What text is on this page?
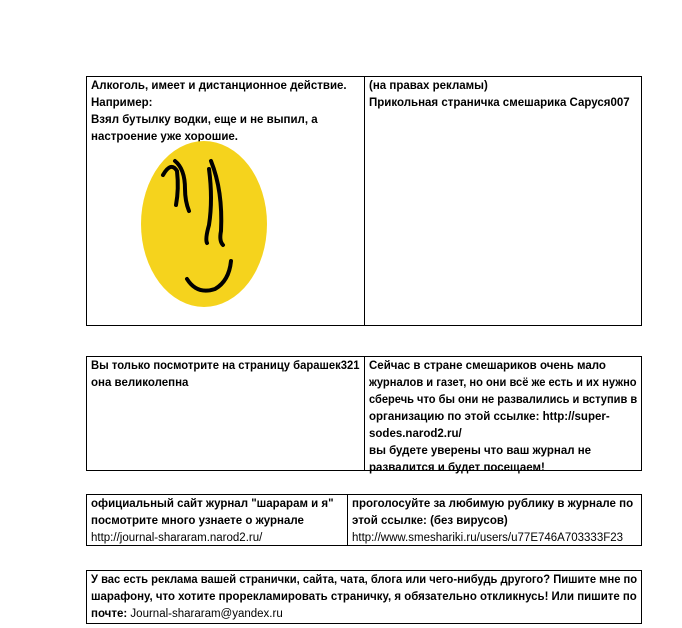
Алкоголь, имеет и дистанционное действие.
Например:
Взял бутылку водки, еще и не выпил, а
настроение уже хорошие.
(на правах рекламы)
Прикольная страничка смешарика Саруся007
Вы только посмотрите на страницу барашек321
она великолепна
Сейчас в стране смешариков очень мало
журналов и газет, но они всё же есть и их нужно
сберечь что бы они не развалились и вступив в
организацию по этой ссылке: http://super-
sodes.narod2.ru/
вы будете уверены что ваш журнал не
развалится и будет посещаем!
официальный сайт журнал "шарарам и я"
посмотрите много узнаете о журнале
http://journal-shararam.narod2.ru/
проголосуйте за любимую рублику в журнале по
этой ссылке: (без вирусов)
http://www.smeshariki.ru/users/u77E746A703333F23
У вас есть реклама вашей странички, сайта, чата, блога или чего-нибудь другого? Пишите мне по
шарафону, что хотите прорекламировать страничку, я обязательно откликнусь! Или пишите по
почте: Journal-shararam@yandex.ru
